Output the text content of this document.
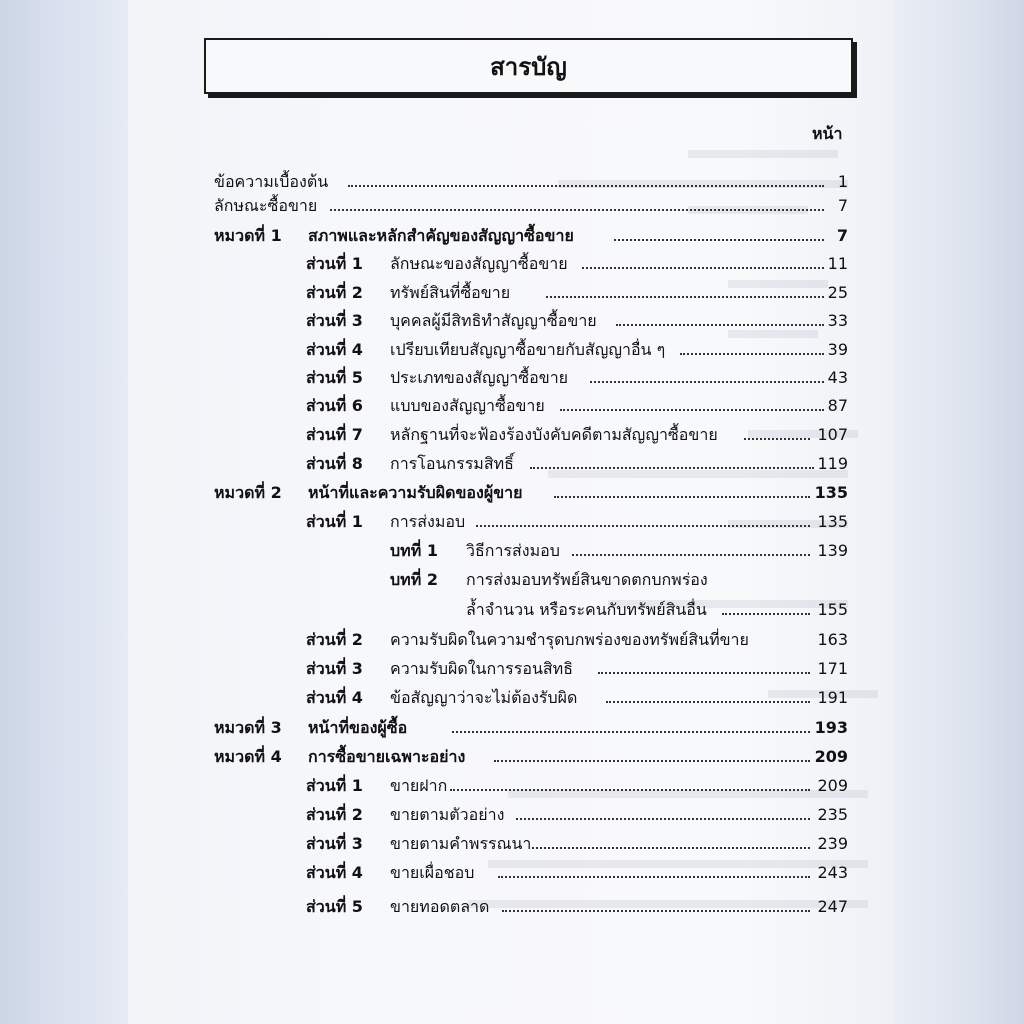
สารบัญ
หน้า
ข้อความเบื้องต้น	1
ลักษณะซื้อขาย	7
หมวดที่ 1 สภาพและหลักสำคัญของสัญญาซื้อขาย	7
ส่วนที่ 1 ลักษณะของสัญญาซื้อขาย	11
ส่วนที่ 2 ทรัพย์สินที่ซื้อขาย	25
ส่วนที่ 3 บุคคลผู้มีสิทธิทำสัญญาซื้อขาย	33
ส่วนที่ 4 เปรียบเทียบสัญญาซื้อขายกับสัญญาอื่น ๆ	39
ส่วนที่ 5 ประเภทของสัญญาซื้อขาย	43
ส่วนที่ 6 แบบของสัญญาซื้อขาย	87
ส่วนที่ 7 หลักฐานที่จะฟ้องร้องบังคับคดีตามสัญญาซื้อขาย	107
ส่วนที่ 8 การโอนกรรมสิทธิ์	119
หมวดที่ 2 หน้าที่และความรับผิดของผู้ขาย	135
ส่วนที่ 1 การส่งมอบ	135
บทที่ 1 วิธีการส่งมอบ	139
บทที่ 2 การส่งมอบทรัพย์สินขาดตกบกพร่อง
ล้ำจำนวน หรือระคนกับทรัพย์สินอื่น	155
ส่วนที่ 2 ความรับผิดในความชำรุดบกพร่องของทรัพย์สินที่ขาย	163
ส่วนที่ 3 ความรับผิดในการรอนสิทธิ	171
ส่วนที่ 4 ข้อสัญญาว่าจะไม่ต้องรับผิด	191
หมวดที่ 3 หน้าที่ของผู้ซื้อ	193
หมวดที่ 4 การซื้อขายเฉพาะอย่าง	209
ส่วนที่ 1 ขายฝาก	209
ส่วนที่ 2 ขายตามตัวอย่าง	235
ส่วนที่ 3 ขายตามคำพรรณนา	239
ส่วนที่ 4 ขายเผื่อชอบ	243
ส่วนที่ 5 ขายทอดตลาด	247
